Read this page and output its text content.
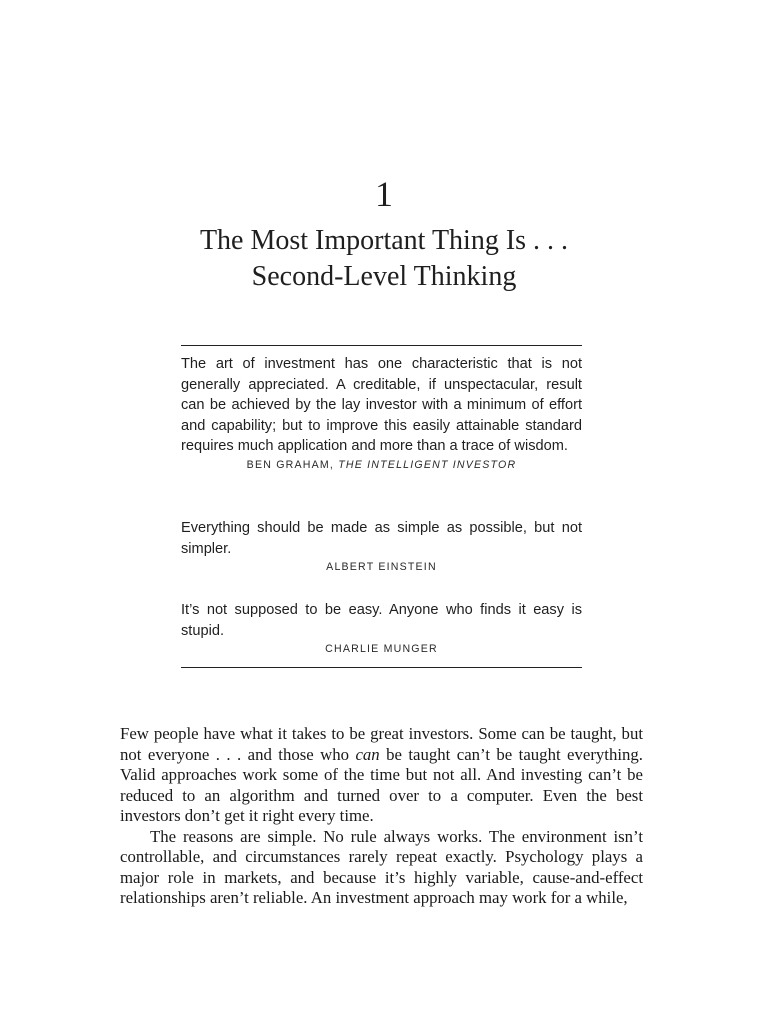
1
The Most Important Thing Is . . .
Second-Level Thinking

The art of investment has one characteristic that is not generally appreciated. A creditable, if unspectacular, result can be achieved by the lay investor with a minimum of effort and capability; but to improve this easily attainable standard requires much application and more than a trace of wisdom.

BEN GRAHAM, THE INTELLIGENT INVESTOR

Everything should be made as simple as possible, but not simpler.

ALBERT EINSTEIN

It’s not supposed to be easy. Anyone who finds it easy is stupid.

CHARLIE MUNGER

Few people have what it takes to be great investors. Some can be taught, but not everyone . . . and those who can be taught can’t be taught everything. Valid approaches work some of the time but not all. And investing can’t be reduced to an algorithm and turned over to a computer. Even the best investors don’t get it right every time.

The reasons are simple. No rule always works. The environment isn’t controllable, and circumstances rarely repeat exactly. Psychology plays a major role in markets, and because it’s highly variable, cause-and-effect relationships aren’t reliable. An investment approach may work for a while,
